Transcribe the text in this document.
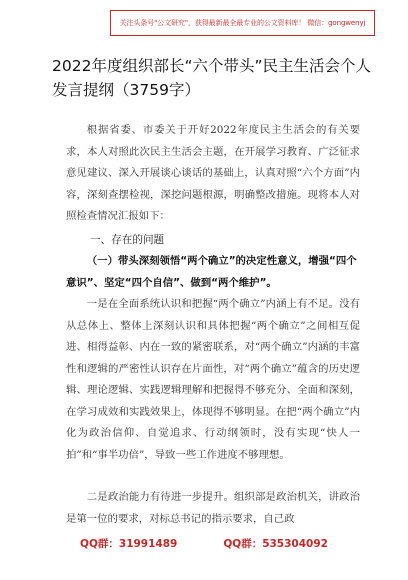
关注头条号"公文研究"，获得最新最全最专业的公文资料库！ 微信：gongwenyj
2022年度组织部长“六个带头”民主生活会个人发言提纲（3759字）

根据省委、市委关于开好2022年度民主生活会的有关要求，本人对照此次民主生活会主题，在开展学习教育、广泛征求意见建议、深入开展谈心谈话的基础上，认真对照“六个方面”内容，深刻查摆检视，深挖问题根源，明确整改措施。现将本人对照检查情况汇报如下：

一、存在的问题

（一）带头深刻领悟“两个确立”的决定性意义，增强“四个意识”、坚定“四个自信”、做到“两个维护”。

一是在全面系统认识和把握“两个确立”内涵上有不足。没有从总体上、整体上深刻认识和具体把握“两个确立”之间相互促进、相得益彰、内在一致的紧密联系，对“两个确立”内涵的丰富性和逻辑的严密性认识存在片面性，对“两个确立”蕴含的历史逻辑、理论逻辑、实践逻辑理解和把握得不够充分、全面和深刻，在学习成效和实践效果上，体现得不够明显。在把“两个确立”内化为政治信仰、自觉追求、行动纲领时，没有实现“快人一拍”和“事半功倍”，导致一些工作进度不够理想。

二是政治能力有待进一步提升。组织部是政治机关，讲政治是第一位的要求，对标总书记的指示要求，自己政

QQ群：31991489	QQ群：535304092
